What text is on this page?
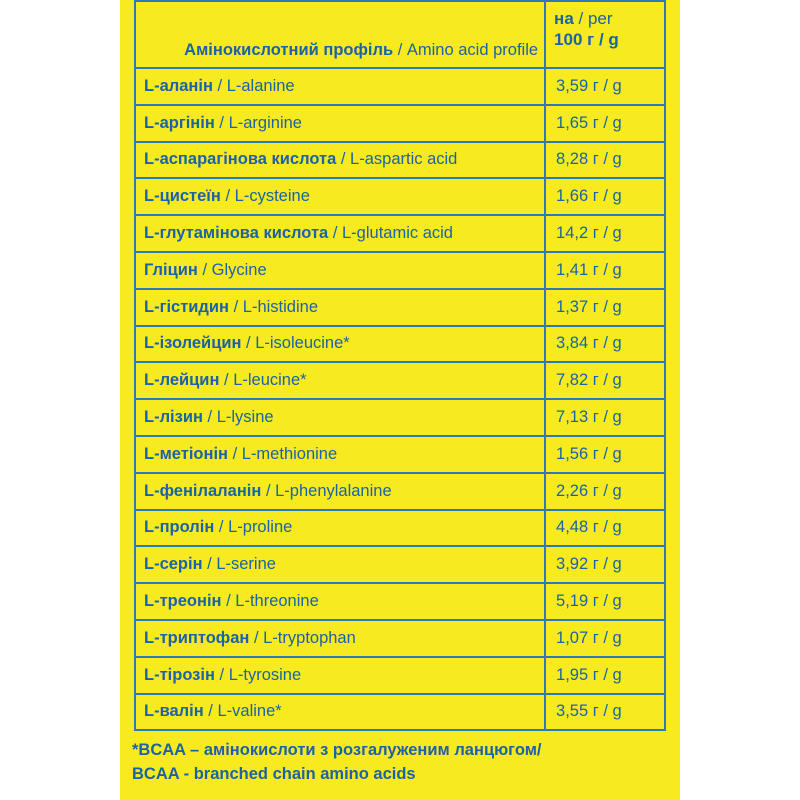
Амінокислотний профіль / Amino acid profile	на / per
100 г / g

L-аланін / L-alanine	3,59 г / g
L-аргінін / L-arginine	1,65 г / g
L-аспарагінова кислота / L-aspartic acid	8,28 г / g
L-цистеїн / L-cysteine	1,66 г / g
L-глутамінова кислота / L-glutamic acid	14,2 г / g
Гліцин / Glycine	1,41 г / g
L-гістидин / L-histidine	1,37 г / g
L-ізолейцин / L-isoleucine*	3,84 г / g
L-лейцин / L-leucine*	7,82 г / g
L-лізин / L-lysine	7,13 г / g
L-метіонін / L-methionine	1,56 г / g
L-фенілаланін / L-phenylalanine	2,26 г / g
L-пролін / L-proline	4,48 г / g
L-серін / L-serine	3,92 г / g
L-треонін / L-threonine	5,19 г / g
L-триптофан / L-tryptophan	1,07 г / g
L-тірозін / L-tyrosine	1,95 г / g
L-валін / L-valine*	3,55 г / g
*BCAA – амінокислоти з розгалуженим ланцюгом/
BCAA - branched chain amino acids
